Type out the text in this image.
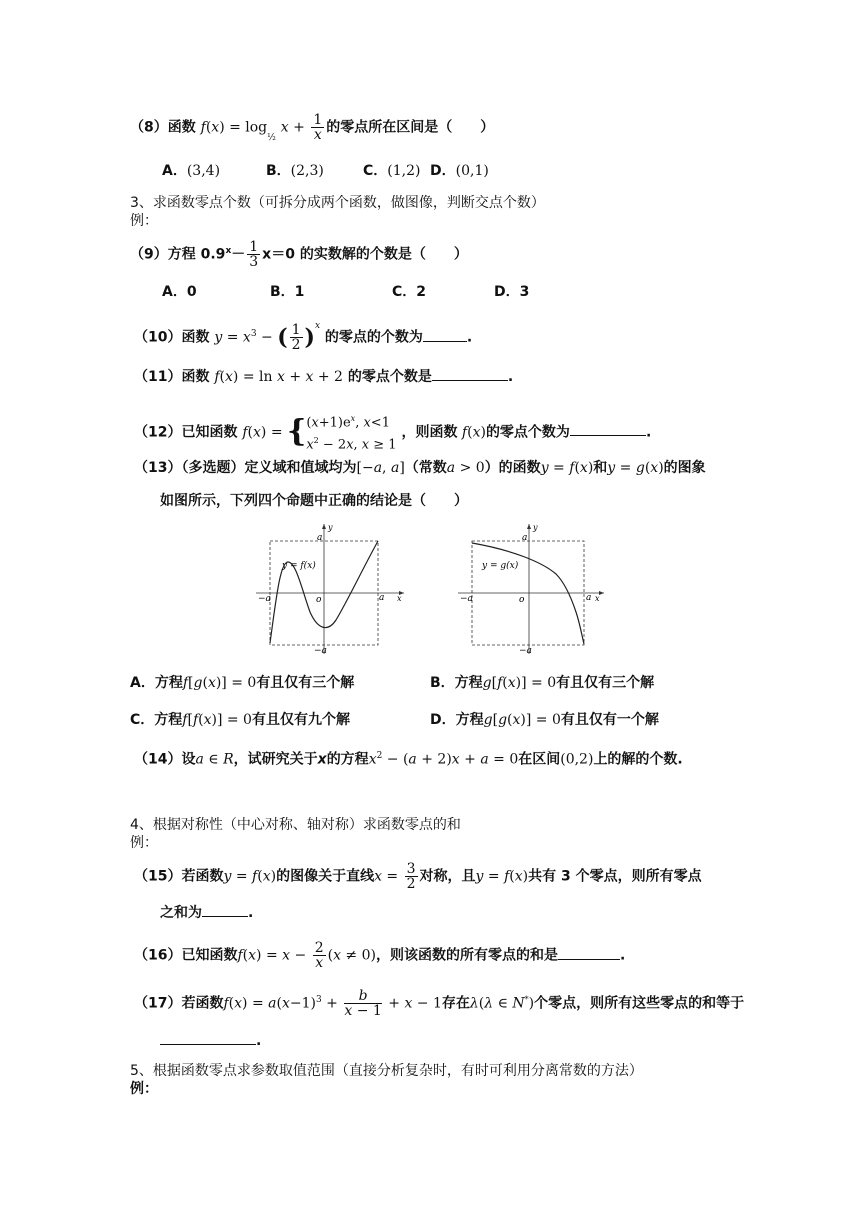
（8）函数 $f(x) = \log_{\frac{1}{2}} x + \frac{1}{x}$ 的零点所在区间是（　　）
A．(3,4)	B．(2,3)	C．(1,2) D．(0,1)
3、求函数零点个数（可拆分成两个函数，做图像，判断交点个数）
例：
（9）方程 $0.9^x- \frac{1}{3} x=0$ 的实数解的个数是（　　）
A．0	B．1	C．2	D．3
（10）函数 $y = x^3$ − ( $\frac{1}{2} )^x$ 的零点的个数为	.
（11）函数 f(x) = ln x + x + 2 的零点个数是	.
（12）已知函数 f(x) = { $(x+1)e^x$, x<1
$x^2 - 2x$, x ≥ 1
，则函数 f(x)的零点个数为	.
（13）（多选题）定义域和值域均为[−a, a]（常数a > 0）的函数y = f(x)和y = g(x)的图象
如图所示，下列四个命题中正确的结论是（　　）
y
x
o
a
a
−a
−a
y = f(x)
y
x
o
a
a
−a
−a
y = g(x)
A．方程f[g(x)] = 0有且仅有三个解	B．方程g[f(x)] = 0有且仅有三个解
C．方程f[f(x)] = 0有且仅有九个解	D．方程g[g(x)] = 0有且仅有一个解
（14）设a ∈ R，试研究关于x的方程$x^2 - (a + 2)x + a = 0$在区间(0,2)上的解的个数.
4、根据对称性（中心对称、轴对称）求函数零点的和
例：
（15）若函数y = f(x)的图像关于直线$x = \frac{3}{2}$ 对称，且y = f(x)共有 3 个零点，则所有零点
之和为	.
（16）已知函数$f(x) = x - \frac{2}{x} (x \ne 0)$，则该函数的所有零点的和是	.
（17）若函数$f(x) = a(x-1)^3 + \frac{b}{x - 1} + x - 1$存在λ(λ ∈ N*)个零点，则所有这些零点的和等于
.
5、根据函数零点求参数取值范围（直接分析复杂时，有时可利用分离常数的方法）
例：
